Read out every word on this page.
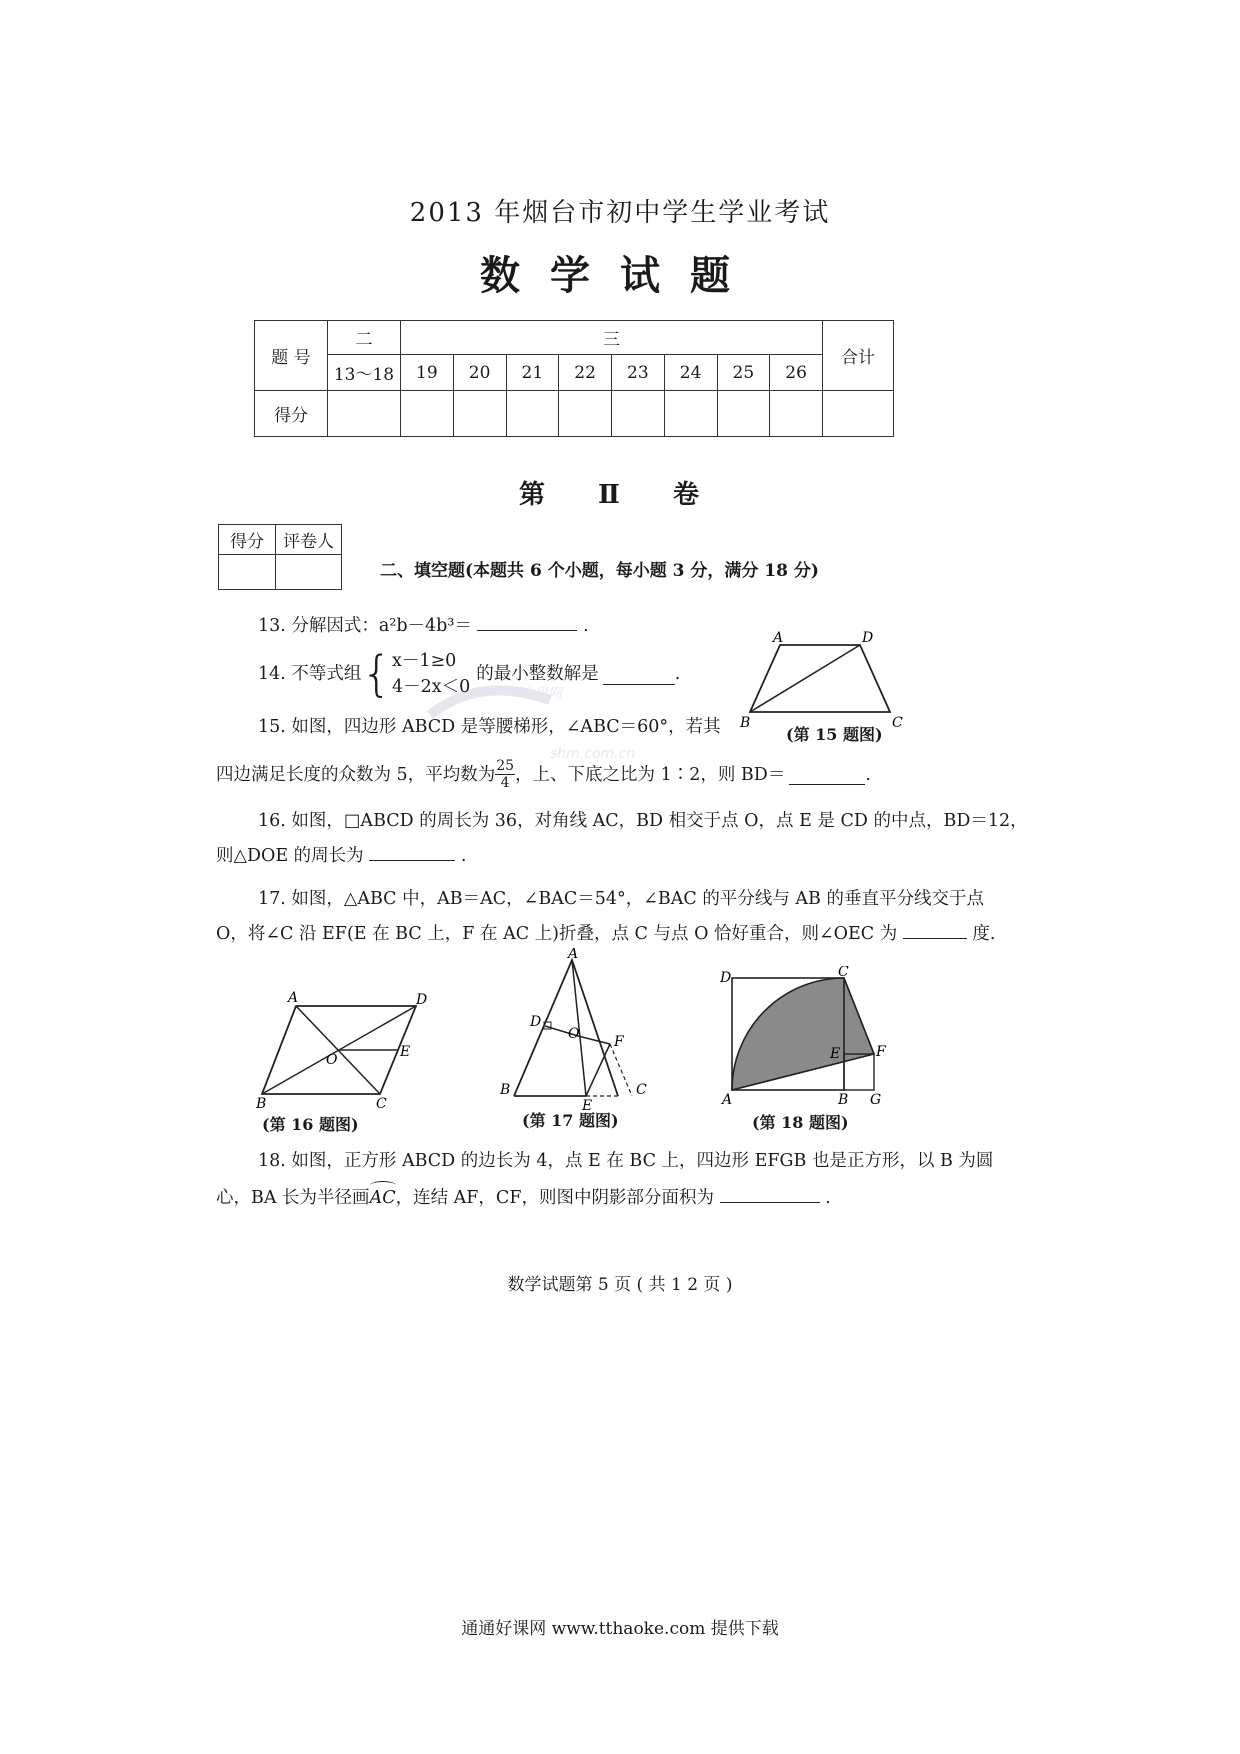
2013 年烟台市初中学生学业考试
数学试题
题 号	二	三								合计
	13～18	19	20	21	22	23	24	25	26	
得分										
第 Ⅱ 卷
得分	评卷人

二、填空题(本题共 6 个小题，每小题 3 分，满分 18 分)
水母网
shm.com.cn
13. 分解因式：a²b－4b³＝	.
14. 不等式组 { x－1≥0
4－2x＜0
的最小整数解是	.
A	D
B	C
(第 15 题图)
15. 如图，四边形 ABCD 是等腰梯形，∠ABC＝60°，若其
四边满足长度的众数为 5，平均数为 $\frac{25}{4}$ ，上、下底之比为 1∶2，则 BD＝	.
16. 如图，□ABCD 的周长为 36，对角线 AC，BD 相交于点 O，点 E 是 CD 的中点，BD＝12，
则△DOE 的周长为	.
17. 如图，△ABC 中，AB＝AC，∠BAC＝54°，∠BAC 的平分线与 AB 的垂直平分线交于点
O，将∠C 沿 EF(E 在 BC 上，F 在 AC 上)折叠，点 C 与点 O 恰好重合，则∠OEC 为	度.
A	D
O	E
B	C
(第 16 题图)
A
D
O F
B
E
C
(第 17 题图)
D	C
E	F
A	B G
(第 18 题图)
18. 如图，正方形 ABCD 的边长为 4，点 E 在 BC 上，四边形 EFGB 也是正方形，以 B 为圆
心，BA 长为半径画
AC，连结 AF，CF，则图中阴影部分面积为	.
数学试题第 5 页 ( 共 1 2 页 )
通通好课网 www.tthaoke.com 提供下载
